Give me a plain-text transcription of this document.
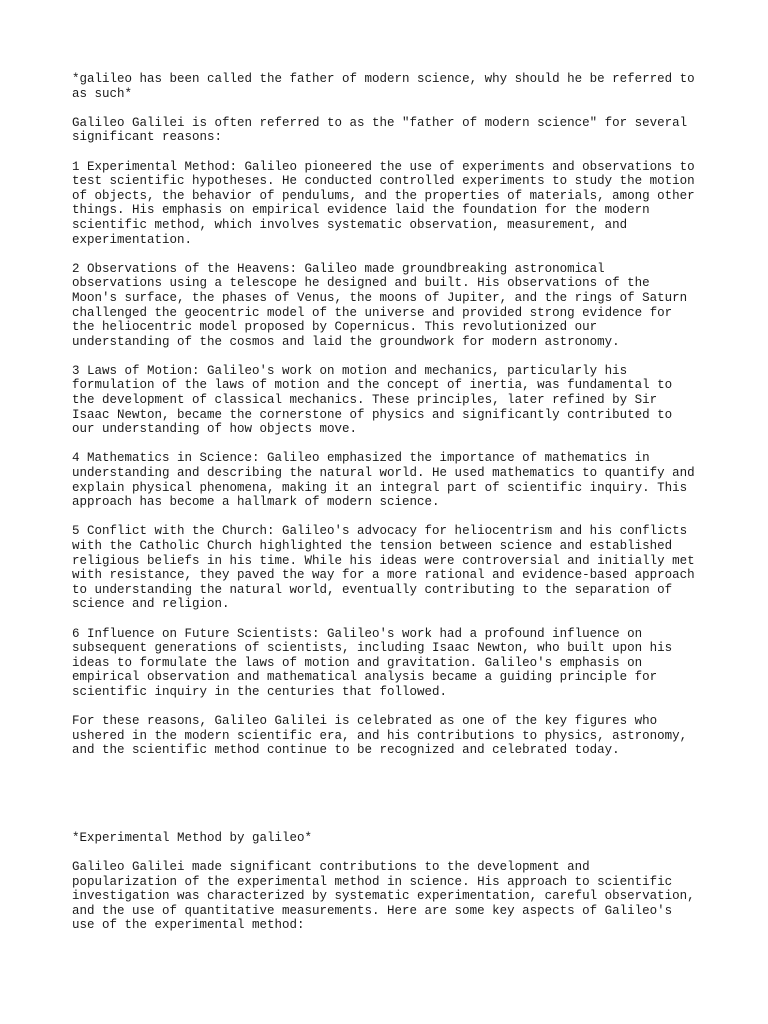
*galileo has been called the father of modern science, why should he be referred to
as such*

Galileo Galilei is often referred to as the "father of modern science" for several
significant reasons:

1 Experimental Method: Galileo pioneered the use of experiments and observations to
test scientific hypotheses. He conducted controlled experiments to study the motion
of objects, the behavior of pendulums, and the properties of materials, among other
things. His emphasis on empirical evidence laid the foundation for the modern
scientific method, which involves systematic observation, measurement, and
experimentation.

2 Observations of the Heavens: Galileo made groundbreaking astronomical
observations using a telescope he designed and built. His observations of the
Moon's surface, the phases of Venus, the moons of Jupiter, and the rings of Saturn
challenged the geocentric model of the universe and provided strong evidence for
the heliocentric model proposed by Copernicus. This revolutionized our
understanding of the cosmos and laid the groundwork for modern astronomy.

3 Laws of Motion: Galileo's work on motion and mechanics, particularly his
formulation of the laws of motion and the concept of inertia, was fundamental to
the development of classical mechanics. These principles, later refined by Sir
Isaac Newton, became the cornerstone of physics and significantly contributed to
our understanding of how objects move.

4 Mathematics in Science: Galileo emphasized the importance of mathematics in
understanding and describing the natural world. He used mathematics to quantify and
explain physical phenomena, making it an integral part of scientific inquiry. This
approach has become a hallmark of modern science.

5 Conflict with the Church: Galileo's advocacy for heliocentrism and his conflicts
with the Catholic Church highlighted the tension between science and established
religious beliefs in his time. While his ideas were controversial and initially met
with resistance, they paved the way for a more rational and evidence-based approach
to understanding the natural world, eventually contributing to the separation of
science and religion.

6 Influence on Future Scientists: Galileo's work had a profound influence on
subsequent generations of scientists, including Isaac Newton, who built upon his
ideas to formulate the laws of motion and gravitation. Galileo's emphasis on
empirical observation and mathematical analysis became a guiding principle for
scientific inquiry in the centuries that followed.

For these reasons, Galileo Galilei is celebrated as one of the key figures who
ushered in the modern scientific era, and his contributions to physics, astronomy,
and the scientific method continue to be recognized and celebrated today.

*Experimental Method by galileo*

Galileo Galilei made significant contributions to the development and
popularization of the experimental method in science. His approach to scientific
investigation was characterized by systematic experimentation, careful observation,
and the use of quantitative measurements. Here are some key aspects of Galileo's
use of the experimental method:
